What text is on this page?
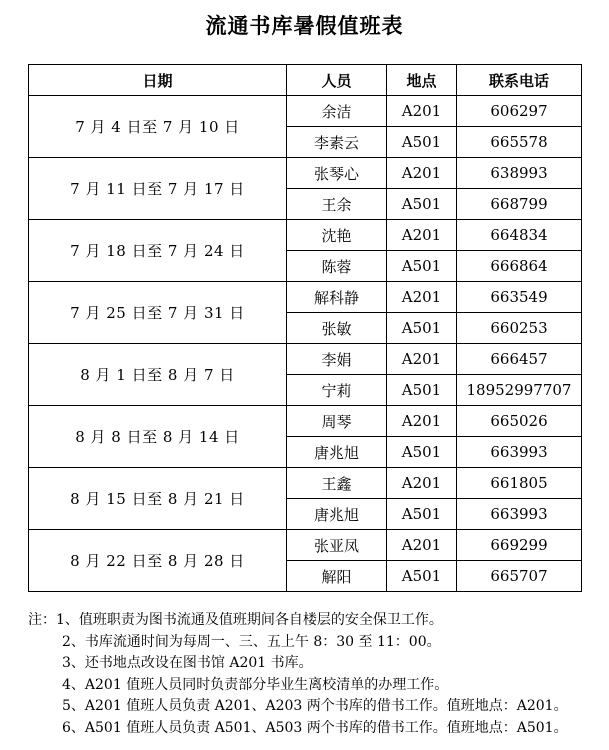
流通书库暑假值班表
日期	人员	地点	联系电话
7 月 4 日至 7 月 10 日	余洁	A201	606297
	李素云	A501	665578
7 月 11 日至 7 月 17 日	张琴心	A201	638993
	王余	A501	668799
7 月 18 日至 7 月 24 日	沈艳	A201	664834
	陈蓉	A501	666864
7 月 25 日至 7 月 31 日	解科静	A201	663549
	张敏	A501	660253
8 月 1 日至 8 月 7 日	李娟	A201	666457
	宁莉	A501	18952997707
8 月 8 日至 8 月 14 日	周琴	A201	665026
	唐兆旭	A501	663993
8 月 15 日至 8 月 21 日	王鑫	A201	661805
	唐兆旭	A501	663993
8 月 22 日至 8 月 28 日	张亚凤	A201	669299
	解阳	A501	665707
注：1、值班职责为图书流通及值班期间各自楼层的安全保卫工作。
2、书库流通时间为每周一、三、五上午 8：30 至 11：00。
3、还书地点改设在图书馆 A201 书库。
4、A201 值班人员同时负责部分毕业生离校清单的办理工作。
5、A201 值班人员负责 A201、A203 两个书库的借书工作。值班地点：A201。
6、A501 值班人员负责 A501、A503 两个书库的借书工作。值班地点：A501。
